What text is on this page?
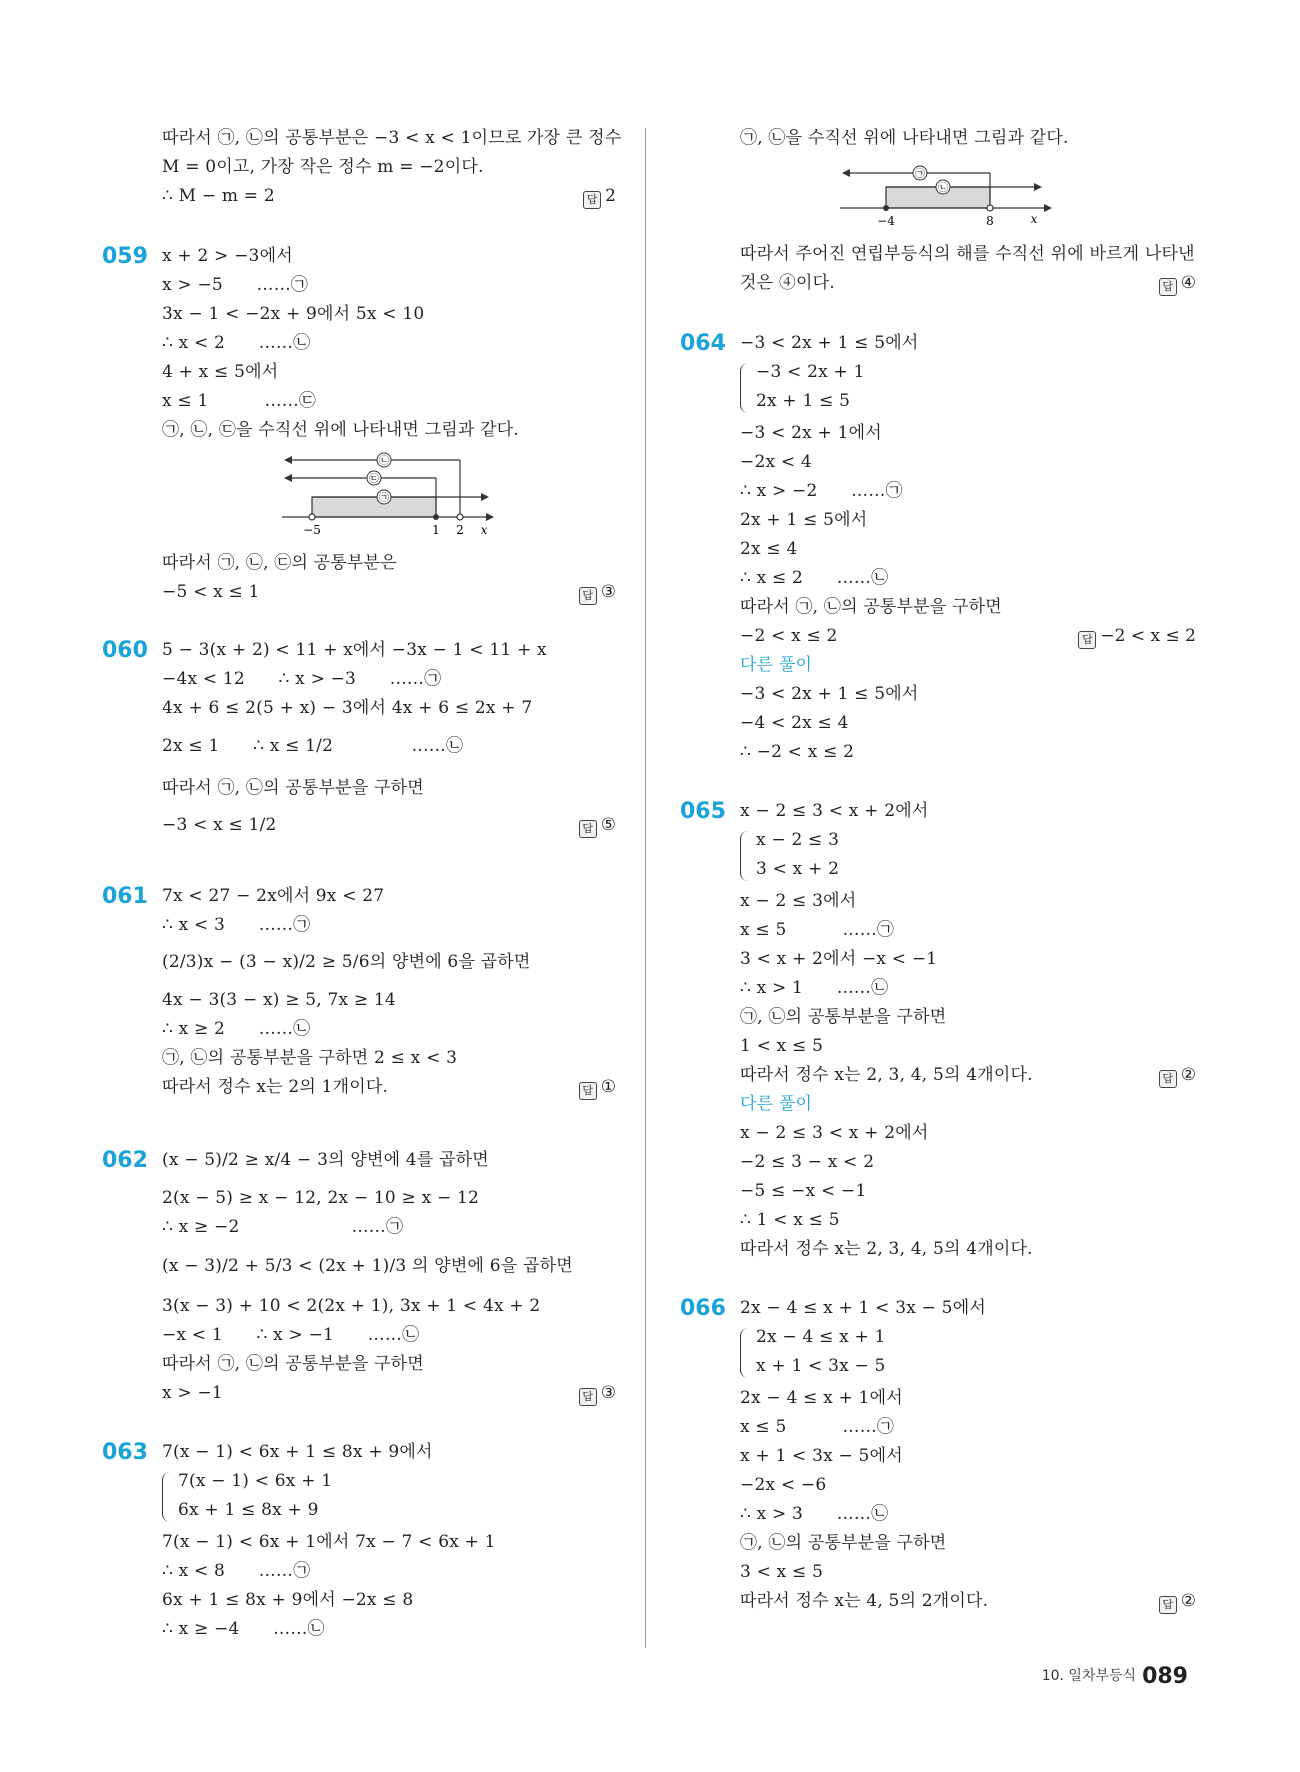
따라서 ㉠, ㉡의 공통부분은 −3 < x < 1이므로 가장 큰 정수
M = 0이고, 가장 작은 정수 m = −2이다.
∴ M − m = 2	답 2
059 x + 2 > −3에서
x > −5      ……㉠
3x − 1 < −2x + 9에서 5x < 10
∴ x < 2      ……㉡
4 + x ≤ 5에서
x ≤ 1          ……㉢
㉠, ㉡, ㉢을 수직선 위에 나타내면 그림과 같다.
㉡
㉢
㉠
−5	1 2 x
따라서 ㉠, ㉡, ㉢의 공통부분은
−5 < x ≤ 1	답 ③
060 5 − 3(x + 2) < 11 + x에서 −3x − 1 < 11 + x
−4x < 12      ∴ x > −3      ……㉠
4x + 6 ≤ 2(5 + x) − 3에서 4x + 6 ≤ 2x + 7
2x ≤ 1      ∴ x ≤ 1/2              ……㉡
따라서 ㉠, ㉡의 공통부분을 구하면
−3 < x ≤ 1/2	답 ⑤
061 7x < 27 − 2x에서 9x < 27
∴ x < 3      ……㉠
(2/3)x − (3 − x)/2 ≥ 5/6의 양변에 6을 곱하면
4x − 3(3 − x) ≥ 5, 7x ≥ 14
∴ x ≥ 2      ……㉡
㉠, ㉡의 공통부분을 구하면 2 ≤ x < 3
따라서 정수 x는 2의 1개이다.	답 ①
062 (x − 5)/2 ≥ x/4 − 3의 양변에 4를 곱하면
2(x − 5) ≥ x − 12, 2x − 10 ≥ x − 12
∴ x ≥ −2                    ……㉠
(x − 3)/2 + 5/3 < (2x + 1)/3 의 양변에 6을 곱하면
3(x − 3) + 10 < 2(2x + 1), 3x + 1 < 4x + 2
−x < 1      ∴ x > −1      ……㉡
따라서 ㉠, ㉡의 공통부분을 구하면
x > −1	답 ③
063 7(x − 1) < 6x + 1 ≤ 8x + 9에서
7(x − 1) < 6x + 1
6x + 1 ≤ 8x + 9
7(x − 1) < 6x + 1에서 7x − 7 < 6x + 1
∴ x < 8      ……㉠
6x + 1 ≤ 8x + 9에서 −2x ≤ 8
∴ x ≥ −4      ……㉡
㉠, ㉡을 수직선 위에 나타내면 그림과 같다.
㉠
㉡
−4	8	x
따라서 주어진 연립부등식의 해를 수직선 위에 바르게 나타낸
것은 ④이다.	답 ④
064 −3 < 2x + 1 ≤ 5에서
−3 < 2x + 1
2x + 1 ≤ 5
−3 < 2x + 1에서
−2x < 4
∴ x > −2      ……㉠
2x + 1 ≤ 5에서
2x ≤ 4
∴ x ≤ 2      ……㉡
따라서 ㉠, ㉡의 공통부분을 구하면
−2 < x ≤ 2	답 −2 < x ≤ 2
다른 풀이
−3 < 2x + 1 ≤ 5에서
−4 < 2x ≤ 4
∴ −2 < x ≤ 2
065 x − 2 ≤ 3 < x + 2에서
x − 2 ≤ 3
3 < x + 2
x − 2 ≤ 3에서
x ≤ 5          ……㉠
3 < x + 2에서 −x < −1
∴ x > 1      ……㉡
㉠, ㉡의 공통부분을 구하면
1 < x ≤ 5
따라서 정수 x는 2, 3, 4, 5의 4개이다.	답 ②
다른 풀이
x − 2 ≤ 3 < x + 2에서
−2 ≤ 3 − x < 2
−5 ≤ −x < −1
∴ 1 < x ≤ 5
따라서 정수 x는 2, 3, 4, 5의 4개이다.
066 2x − 4 ≤ x + 1 < 3x − 5에서
2x − 4 ≤ x + 1
x + 1 < 3x − 5
2x − 4 ≤ x + 1에서
x ≤ 5          ……㉠
x + 1 < 3x − 5에서
−2x < −6
∴ x > 3      ……㉡
㉠, ㉡의 공통부분을 구하면
3 < x ≤ 5
따라서 정수 x는 4, 5의 2개이다.	답 ②
10. 일차부등식 089
